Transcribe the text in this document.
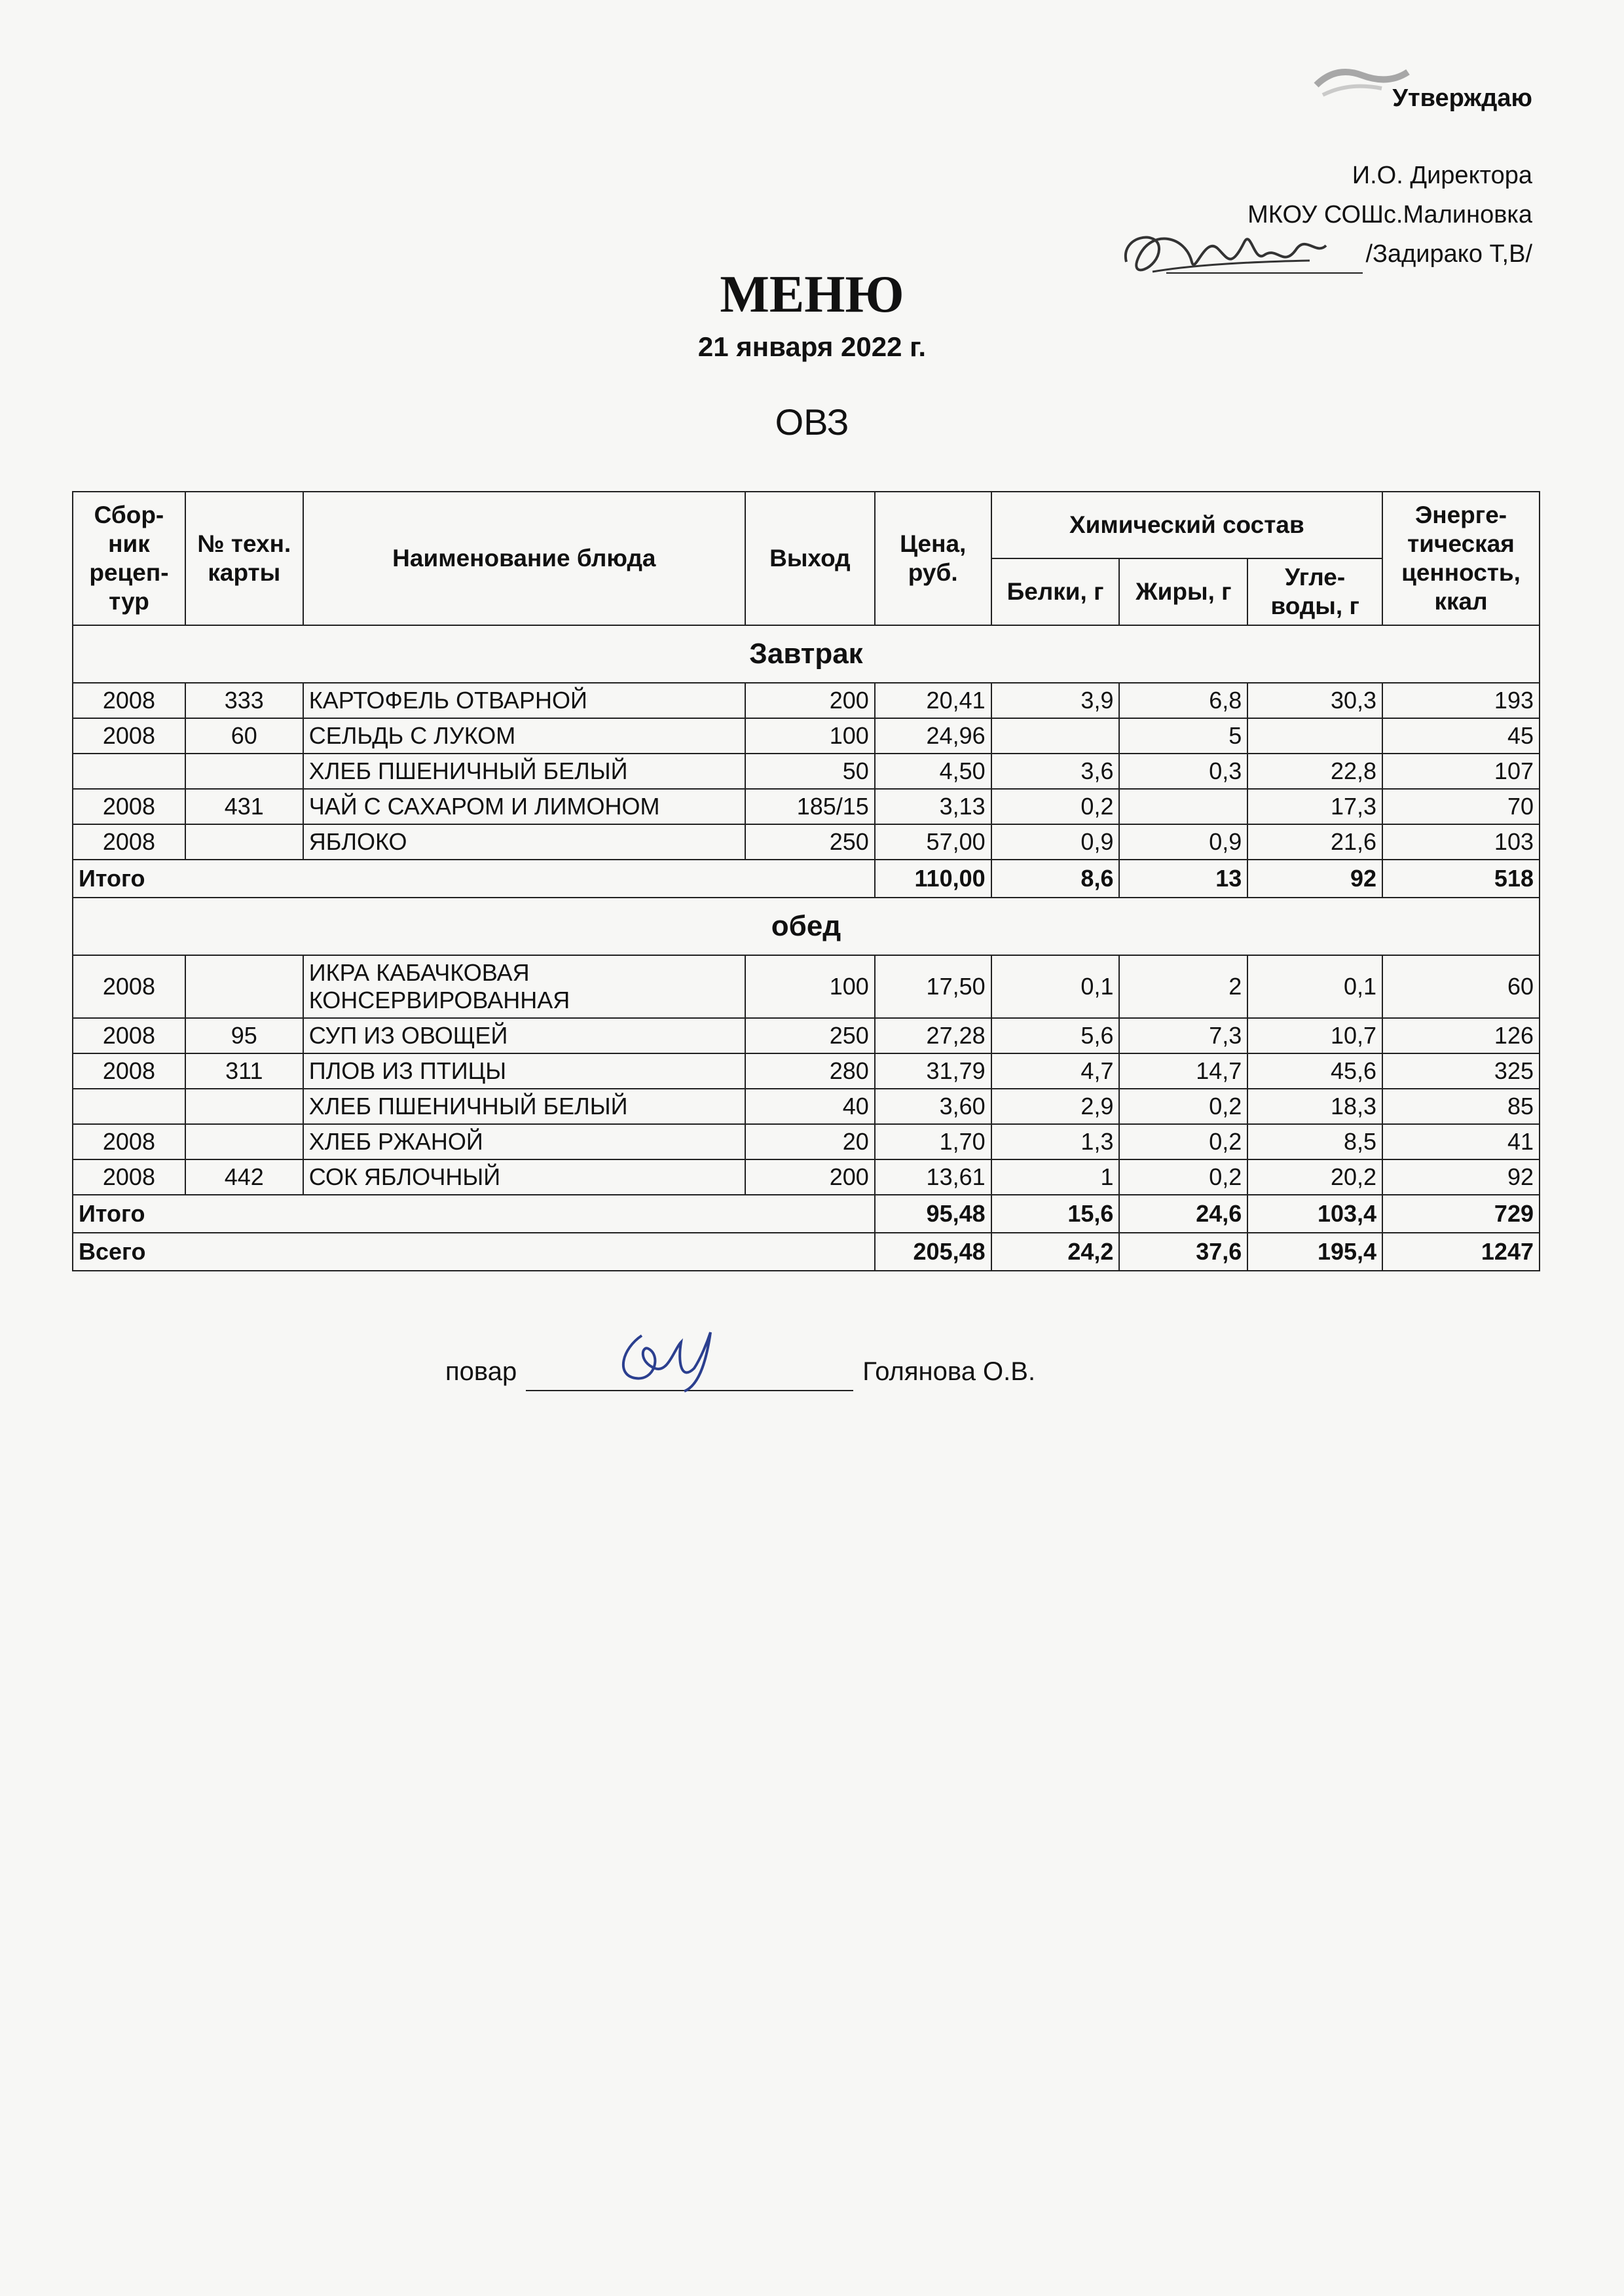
Утверждаю
И.О. Директора
МКОУ СОШс.Малиновка
/Задирако Т,В/
МЕНЮ
21 января 2022 г.
ОВЗ
Сбор-ник рецеп-тур	№ техн. карты	Наименование блюда	Выход	Цена, руб.	Химический состав			Энерге-тическая ценность, ккал
					Белки, г	Жиры, г	Угле-воды, г	
Завтрак								
2008	333	КАРТОФЕЛЬ ОТВАРНОЙ	200	20,41	3,9	6,8	30,3	193
2008	60	СЕЛЬДЬ С ЛУКОМ	100	24,96		5		45
		ХЛЕБ ПШЕНИЧНЫЙ БЕЛЫЙ	50	4,50	3,6	0,3	22,8	107
2008	431	ЧАЙ С САХАРОМ И ЛИМОНОМ	185/15	3,13	0,2		17,3	70
2008		ЯБЛОКО	250	57,00	0,9	0,9	21,6	103
Итого				110,00	8,6	13	92	518
обед								
2008		ИКРА КАБАЧКОВАЯ КОНСЕРВИРОВАННАЯ	100	17,50	0,1	2	0,1	60
2008	95	СУП ИЗ ОВОЩЕЙ	250	27,28	5,6	7,3	10,7	126
2008	311	ПЛОВ ИЗ ПТИЦЫ	280	31,79	4,7	14,7	45,6	325
		ХЛЕБ ПШЕНИЧНЫЙ БЕЛЫЙ	40	3,60	2,9	0,2	18,3	85
2008		ХЛЕБ РЖАНОЙ	20	1,70	1,3	0,2	8,5	41
2008	442	СОК ЯБЛОЧНЫЙ	200	13,61	1	0,2	20,2	92
Итого				95,48	15,6	24,6	103,4	729
Всего				205,48	24,2	37,6	195,4	1247
повар	Голянова О.В.
